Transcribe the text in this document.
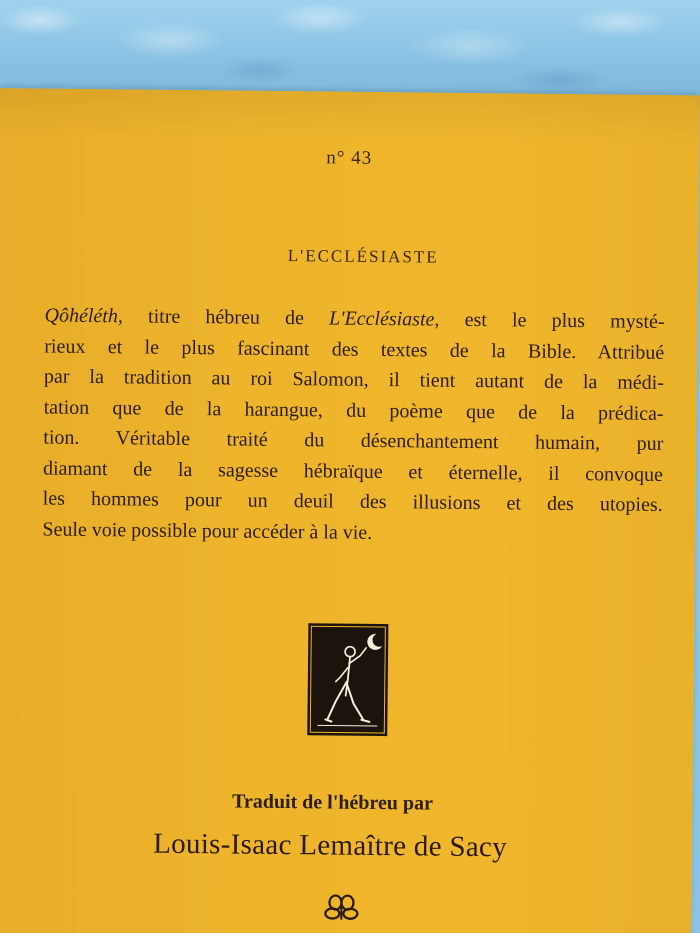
n° 43
L'ECCLÉSIASTE
Qôhéléth, titre hébreu de L'Ecclésiaste, est le plus mysté-
rieux et le plus fascinant des textes de la Bible. Attribué
par la tradition au roi Salomon, il tient autant de la médi-
tation que de la harangue, du poème que de la prédica-
tion. Véritable traité du désenchantement humain, pur
diamant de la sagesse hébraïque et éternelle, il convoque
les hommes pour un deuil des illusions et des utopies.
Seule voie possible pour accéder à la vie.
Traduit de l'hébreu par
Louis-Isaac Lemaître de Sacy
